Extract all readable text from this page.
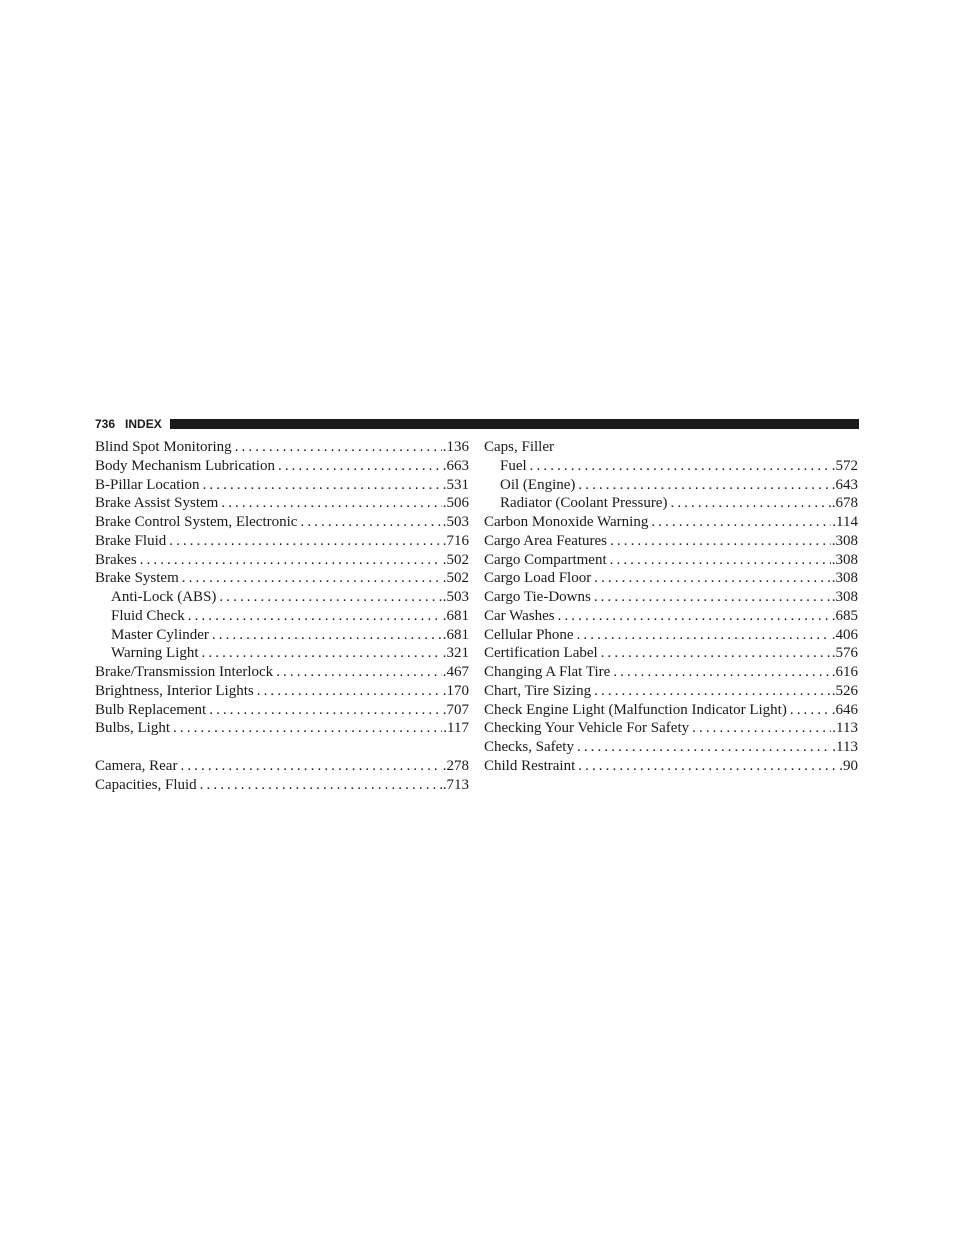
736 INDEX
Blind Spot Monitoring .....	.136
Body Mechanism Lubrication .....	.663
B-Pillar Location .....	.531
Brake Assist System .....	.506
Brake Control System, Electronic .....	.503
Brake Fluid .....	.716
Brakes .....	.502
Brake System .....	.502
Anti-Lock (ABS) .....	.503
Fluid Check .....	.681
Master Cylinder .....	.681
Warning Light .....	.321
Brake/Transmission Interlock .....	.467
Brightness, Interior Lights .....	.170
Bulb Replacement .....	.707
Bulbs, Light .....	.117
Camera, Rear .....	.278
Capacities, Fluid .....	.713
Caps, Filler
Fuel .....	.572
Oil (Engine) .....	.643
Radiator (Coolant Pressure) .....	.678
Carbon Monoxide Warning .....	.114
Cargo Area Features .....	.308
Cargo Compartment .....	.308
Cargo Load Floor .....	.308
Cargo Tie-Downs .....	.308
Car Washes .....	.685
Cellular Phone .....	.406
Certification Label .....	.576
Changing A Flat Tire .....	.616
Chart, Tire Sizing .....	.526
Check Engine Light (Malfunction Indicator Light) .....	.646
Checking Your Vehicle For Safety .....	.113
Checks, Safety .....	.113
Child Restraint .....	.90
